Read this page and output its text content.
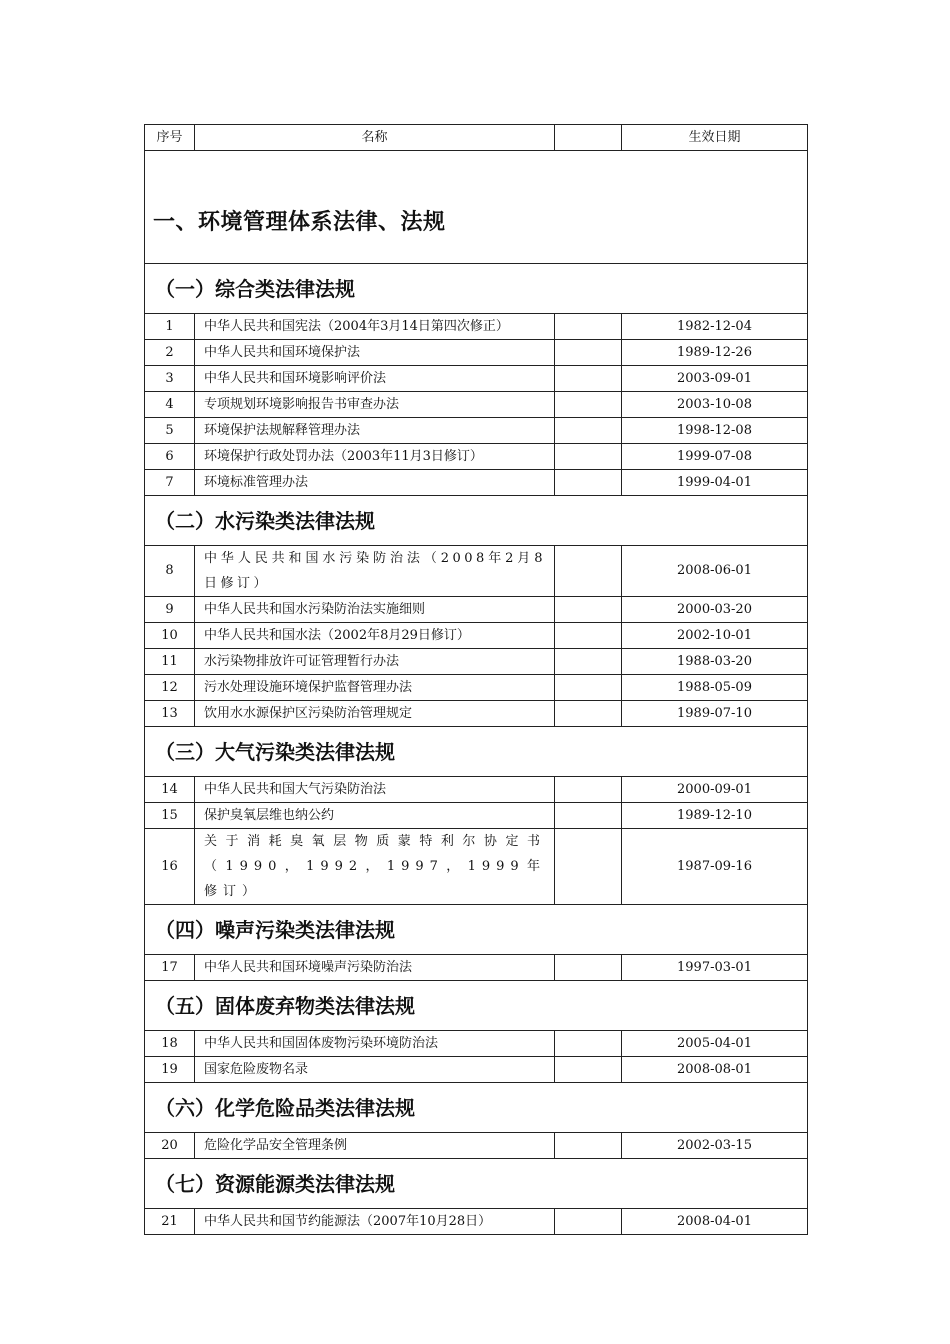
序号	名称		生效日期

一、环境管理体系法律、法规			

（一）综合类法律法规			

1	中华人民共和国宪法（2004年3月14日第四次修正）		1982-12-04
2	中华人民共和国环境保护法		1989-12-26
3	中华人民共和国环境影响评价法		2003-09-01
4	专项规划环境影响报告书审查办法		2003-10-08
5	环境保护法规解释管理办法		1998-12-08
6	环境保护行政处罚办法（2003年11月3日修订）		1999-07-08
7	环境标准管理办法		1999-04-01

（二）水污染类法律法规			

8	中华人民共和国水污染防治法（2008年2月8日修订）		2008-06-01
9	中华人民共和国水污染防治法实施细则		2000-03-20
10	中华人民共和国水法（2002年8月29日修订）		2002-10-01
11	水污染物排放许可证管理暂行办法		1988-03-20
12	污水处理设施环境保护监督管理办法		1988-05-09
13	饮用水水源保护区污染防治管理规定		1989-07-10

（三）大气污染类法律法规			

14	中华人民共和国大气污染防治法		2000-09-01
15	保护臭氧层维也纳公约		1989-12-10
16	关于消耗臭氧层物质蒙特利尔协定书（1990，1992，1997，1999年修订）		1987-09-16

（四）噪声污染类法律法规			

17	中华人民共和国环境噪声污染防治法		1997-03-01

（五）固体废弃物类法律法规			

18	中华人民共和国固体废物污染环境防治法		2005-04-01
19	国家危险废物名录		2008-08-01

（六）化学危险品类法律法规			

20	危险化学品安全管理条例		2002-03-15

（七）资源能源类法律法规			

21	中华人民共和国节约能源法（2007年10月28日）		2008-04-01
